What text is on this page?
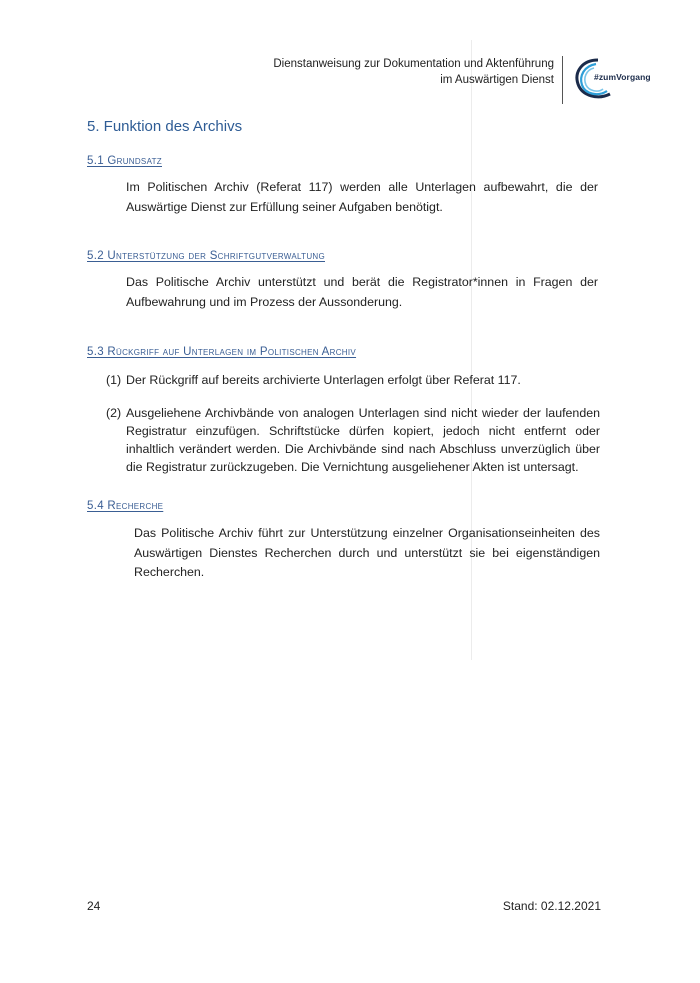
Dienstanweisung zur Dokumentation und Aktenführung
im Auswärtigen Dienst	#zumVorgang
5. Funktion des Archivs
5.1 Grundsatz
Im Politischen Archiv (Referat 117) werden alle Unterlagen aufbewahrt, die der Auswärtige Dienst zur Erfüllung seiner Aufgaben benötigt.
5.2 Unterstützung der Schriftgutverwaltung
Das Politische Archiv unterstützt und berät die Registrator*innen in Fragen der Aufbewahrung und im Prozess der Aussonderung.
5.3 Rückgriff auf Unterlagen im Politischen Archiv
(1) Der Rückgriff auf bereits archivierte Unterlagen erfolgt über Referat 117.
(2) Ausgeliehene Archivbände von analogen Unterlagen sind nicht wieder der laufenden Registratur einzufügen. Schriftstücke dürfen kopiert, jedoch nicht entfernt oder inhaltlich verändert werden. Die Archivbände sind nach Abschluss unverzüglich über die Registratur zurückzugeben. Die Vernichtung ausgeliehener Akten ist untersagt.
5.4 Recherche
Das Politische Archiv führt zur Unterstützung einzelner Organisationseinheiten des Auswärtigen Dienstes Recherchen durch und unterstützt sie bei eigenständigen Recherchen.
24	Stand: 02.12.2021
